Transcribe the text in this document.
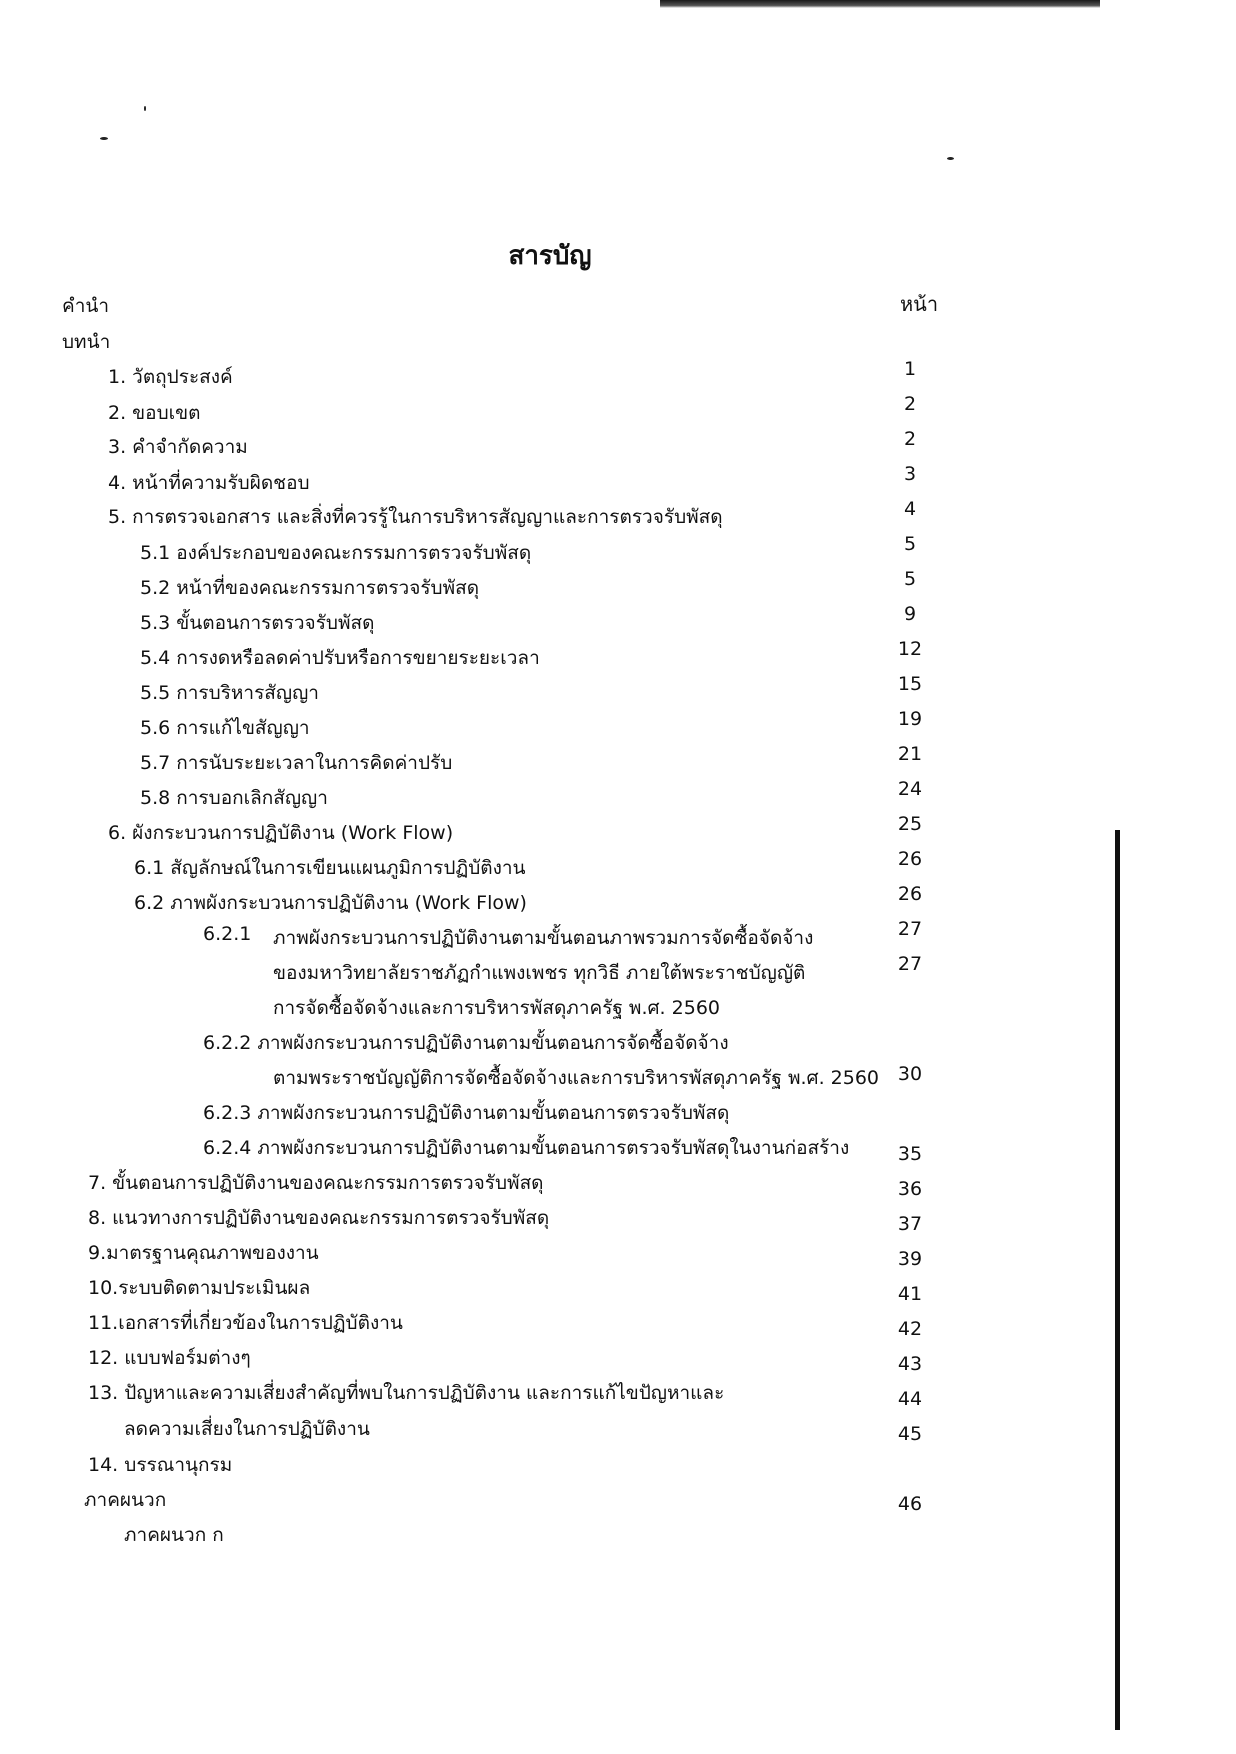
สารบัญ
หน้า
คำนำ
บทนำ
1. วัตถุประสงค์
2. ขอบเขต
3. คำจำกัดความ
4. หน้าที่ความรับผิดชอบ
5. การตรวจเอกสาร และสิ่งที่ควรรู้ในการบริหารสัญญาและการตรวจรับพัสดุ
5.1 องค์ประกอบของคณะกรรมการตรวจรับพัสดุ
5.2 หน้าที่ของคณะกรรมการตรวจรับพัสดุ
5.3 ขั้นตอนการตรวจรับพัสดุ
5.4 การงดหรือลดค่าปรับหรือการขยายระยะเวลา
5.5 การบริหารสัญญา
5.6 การแก้ไขสัญญา
5.7 การนับระยะเวลาในการคิดค่าปรับ
5.8 การบอกเลิกสัญญา
6. ผังกระบวนการปฏิบัติงาน (Work Flow)
6.1 สัญลักษณ์ในการเขียนแผนภูมิการปฏิบัติงาน
6.2 ภาพผังกระบวนการปฏิบัติงาน (Work Flow)
6.2.1 ภาพผังกระบวนการปฏิบัติงานตามขั้นตอนภาพรวมการจัดซื้อจัดจ้าง
ของมหาวิทยาลัยราชภัฏกำแพงเพชร ทุกวิธี ภายใต้พระราชบัญญัติ
การจัดซื้อจัดจ้างและการบริหารพัสดุภาครัฐ พ.ศ. 2560
6.2.2 ภาพผังกระบวนการปฏิบัติงานตามขั้นตอนการจัดซื้อจัดจ้าง
ตามพระราชบัญญัติการจัดซื้อจัดจ้างและการบริหารพัสดุภาครัฐ พ.ศ. 2560
6.2.3 ภาพผังกระบวนการปฏิบัติงานตามขั้นตอนการตรวจรับพัสดุ
6.2.4 ภาพผังกระบวนการปฏิบัติงานตามขั้นตอนการตรวจรับพัสดุในงานก่อสร้าง
7. ขั้นตอนการปฏิบัติงานของคณะกรรมการตรวจรับพัสดุ
8. แนวทางการปฏิบัติงานของคณะกรรมการตรวจรับพัสดุ
9.มาตรฐานคุณภาพของงาน
10.ระบบติดตามประเมินผล
11.เอกสารที่เกี่ยวข้องในการปฏิบัติงาน
12. แบบฟอร์มต่างๆ
13. ปัญหาและความเสี่ยงสำคัญที่พบในการปฏิบัติงาน และการแก้ไขปัญหาและ
ลดความเสี่ยงในการปฏิบัติงาน
14. บรรณานุกรม
ภาคผนวก
ภาคผนวก ก
1
2
2
3
4
5
5
9
12
15
19
21
24
25
26
26
27
27
30
35
36
37
39
41
42
43
44
45
46
